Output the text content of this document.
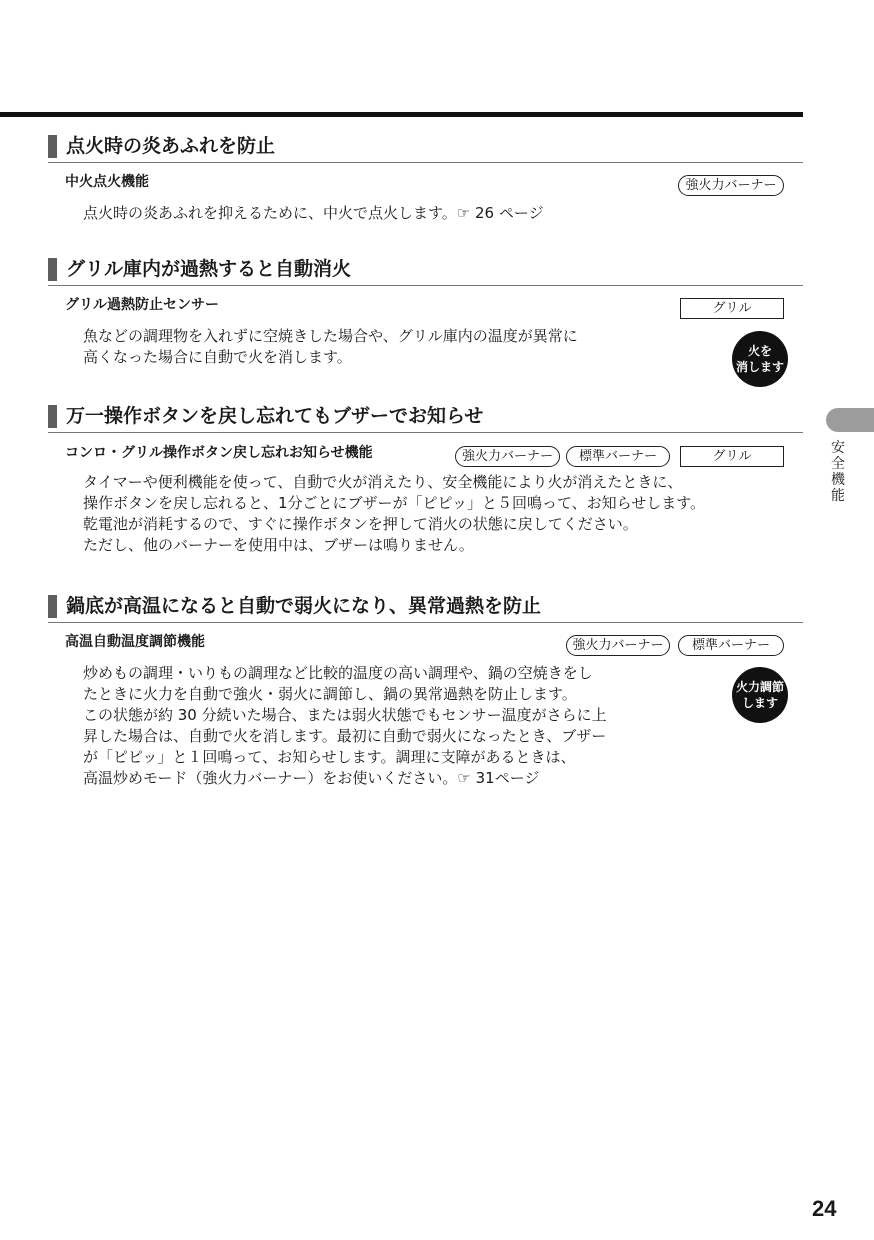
点火時の炎あふれを防止
中火点火機能	強火力バーナー
点火時の炎あふれを抑えるために、中火で点火します。☞ 26 ページ
グリル庫内が過熱すると自動消火
グリル過熱防止センサー	グリル
魚などの調理物を入れずに空焼きした場合や、グリル庫内の温度が異常に
高くなった場合に自動で火を消します。	火を
消します
万一操作ボタンを戻し忘れてもブザーでお知らせ
コンロ・グリル操作ボタン戻し忘れお知らせ機能	強火力バーナー	標準バーナー	グリル
タイマーや便利機能を使って、自動で火が消えたり、安全機能により火が消えたときに、
操作ボタンを戻し忘れると、1分ごとにブザーが「ピピッ」と５回鳴って、お知らせします。
乾電池が消耗するので、すぐに操作ボタンを押して消火の状態に戻してください。
ただし、他のバーナーを使用中は、ブザーは鳴りません。
鍋底が高温になると自動で弱火になり、異常過熱を防止
高温自動温度調節機能	強火力バーナー	標準バーナー
炒めもの調理・いりもの調理など比較的温度の高い調理や、鍋の空焼きをし
たときに火力を自動で強火・弱火に調節し、鍋の異常過熱を防止します。
この状態が約 30 分続いた場合、または弱火状態でもセンサー温度がさらに上
昇した場合は、自動で火を消します。最初に自動で弱火になったとき、ブザー
が「ピピッ」と１回鳴って、お知らせします。調理に支障があるときは、
高温炒めモード（強火力バーナー）をお使いください。☞ 31ページ
火力調節
します
安全機能
24
